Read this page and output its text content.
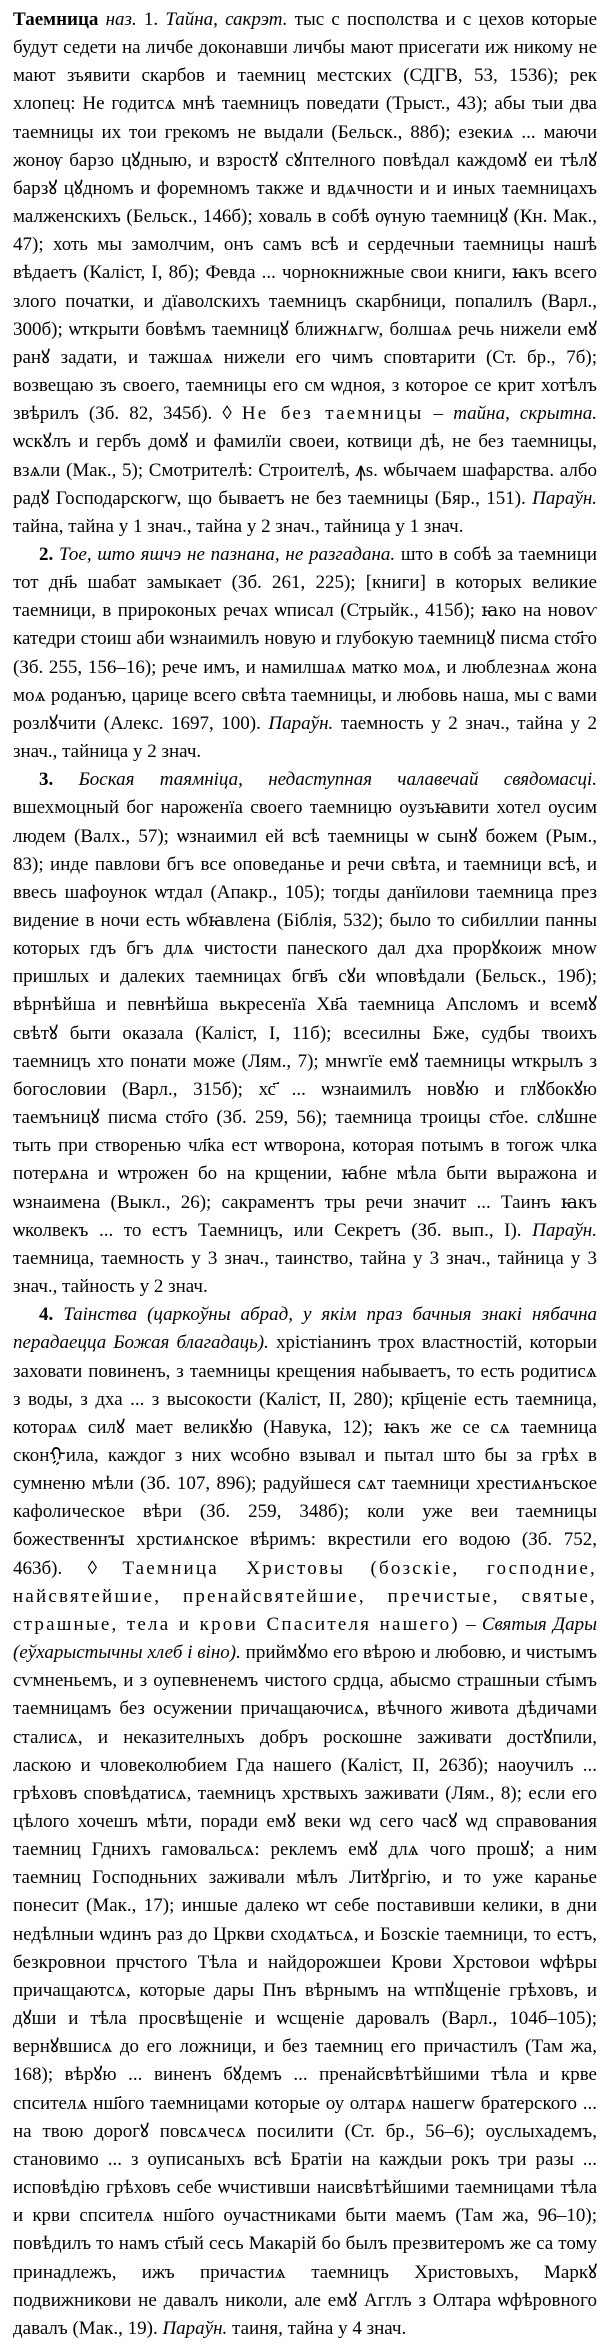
Таемница наз. 1. Тайна, сакрэт. тыс с посполства и с цехов которые будут седети на личбе доконавши личбы мают присегати иж никому не мают зъявити скарбов и таемниц местских (СДГВ, 53, 1536); рек хлопец: Не годитсѧ мнѣ таемницъ поведати (Трыст., 43); абы тыи два таемницы их тои грекомъ не выдали (Бельск., 88б); езекиѧ ... маючи жонѹ барзо цꙋдныю, и взростꙋ сꙋптелного повѣдал каждомꙋ еи тѣлꙋ барзꙋ цꙋдномъ и форемномъ также и вдѧчности и и иных таемницахъ малженскихъ (Бельск., 146б); ховаль в собѣ ѹную таемницꙋ (Кн. Мак., 47); хоть мы замолчим, онъ самъ всѣ и сердечныи таемницы нашѣ вѣдаетъ (Каліст, І, 8б); Февда ... чорнокнижные свои книги, ꙗкъ всего злого початки, и дїаволскихъ таемницъ скарбници, попалилъ (Варл., 300б); ѡткрыти бовѣмъ таемницꙋ ближнѧгw, болшаѧ речь нижели емꙋ ранꙋ задати, и тажшаѧ нижели его чимъ сповтарити (Ст. бр., 7б); возвещаю зъ своего, таемницы его см ѡдноя, з которое се крит хотѣлъ звѣрилъ (Зб. 82, 345б). ◊ Не без таемницы – тайна, скрытна. ѡскꙋлъ и гербъ домꙋ и фамилїи своеи, котвици дѣ, не без таемницы, взѧли (Мак., 5); Смотрителѣ: Строителѣ, ꙟѕ. ѡбычаем шафарства. албо радꙋ Господарскогw, що бываетъ не без таемницы (Бяр., 151). Параўн. тайна, тайна у 1 знач., тайна у 2 знач., тайница у 1 знач.

2. Тое, што яшчэ не пазнана, не разгадана. што в собѣ за таемници тот дн҃ь шабат замыкает (Зб. 261, 225); [книги] в которых великие таемници, в прироконых речах ѡписал (Стрыйк., 415б); ꙗко на новоѵ катедри стоиш аби ѡзнаимилъ новую и глубокую таемницꙋ писма сто҃го (Зб. 255, 156–16); рече имъ, и намилшаѧ матко моѧ, и люблезнаѧ жона моѧ роданъю, царице всего свѣта таемницы, и любовь наша, мы с вами розлꙋчити (Алекс. 1697, 100). Параўн. таемность у 2 знач., тайна у 2 знач., тайница у 2 знач.

3. Боская таямніца, недаступная чалавечай свядомасці. вшехмоцный бог нароженїа своего таемницю оузъꙗвити хотел оусим людем (Валх., 57); ѡзнаимил ей всѣ таемницы ѡ сынꙋ божем (Рым., 83); инде павлови бгъ все оповеданье и речи свѣта, и таемници всѣ, и ввесь шафоунок ѡтдал (Апакр., 105); тогды данїилови таемница през видение в ночи есть ѡбꙗвлена (Біблія, 532); было то сибиллии панны которых гдъ бгъ длѧ чистости панеского дал дха прорꙋкоиж мноw пришлых и далеких таемницах бгв҃ъ сꙋи ѡповѣдали (Бельск., 19б); вѣрнѣйша и певнѣйша вькресенїа Хв҃а таемница Апсломъ и всемꙋ свѣтꙋ быти оказала (Каліст, І, 11б); всесилны Бже, судбы твоихъ таемницъ хто понати може (Лям., 7); мнwгїе емꙋ таемницы ѡткрылъ з богословии (Варл., 315б); хс҃ ... ѡзнаимилъ новꙋю и глꙋбокꙋю таемъницꙋ писма сто҃го (Зб. 259, 56); таемница троицы ст҃ое. слꙋшне тыть при створенью чл҃ка ест ѡтворона, которая потымъ в тогож члка потерѧна и ѡтрожен бо на крщении, ꙗбне мѣла быти выражона и ѡзнаимена (Выкл., 26); сакраментъ тры речи значит ... Таинъ ꙗкъ ѡколвекъ ... то естъ Таемницъ, или Секретъ (Зб. вып., І). Параўн. таемница, таемность у 3 знач., таинство, тайна у 3 знач., тайница у 3 знач., тайность у 2 знач.

4. Таінства (царкоўны абрад, у якім праз бачныя знакі нябачна перадаецца Божая благадаць). хрістіанинъ трох властностій, которыи заховати повиненъ, з таемницы крещения набываетъ, то есть родитисѧ з воды, з дха ... з высокости (Каліст, ІІ, 280); кр҃щеніе есть таемница, котораѧ силꙋ мает великꙋю (Навука, 12); ꙗкъ же се сѧ таемница сконᠭила, каждог з них ѡсобно взывал и пытал што бы за грѣх в сумненю мѣли (Зб. 107, 896); радуйшеся сѧт таемници хрестиѧнъское кафолическое вѣри (Зб. 259, 348б); коли уже веи таемницы божественнꙑ хрстиѧнское вѣримъ: вкрестили его водою (Зб. 752, 463б). ◊ Таемница Христовы (бозскіе, господние, найсвятейшие, пренайсвятейшие, пречистые, святые, страшные, тела и крови Спасителя нашего) – Святыя Дары (еўхарыстычны хлеб і віно). приймꙋмо его вѣрою и любовю, и чистымъ сѵмненьемъ, и з оупевненемъ чистого срдца, абысмо страшныи ст҃ымъ таемницамъ без осужении причащаючисѧ, вѣчного живота дѣдичами сталисѧ, и неказителныхъ добръ роскошне заживати достꙋпили, ласкою и чловеколюбием Гда нашего (Каліст, ІІ, 263б); наоучилъ ... грѣховъ сповѣдатисѧ, таемницъ хрствыхъ заживати (Лям., 8); если его цѣлого хочешъ мѣти, поради емꙋ веки ѡд сего часꙋ ѡд справования таемниц Гдниxъ гамовальсѧ: реклемъ емꙋ длѧ чого прошꙋ; а ним таемниц Господньних заживали мѣлъ Литꙋргію, и то уже каранье понесит (Мак., 17); иншые далеко ѡт себе поставивши келики, в дни недѣлныи ѡдинъ раз до Цркви сходѧтьсѧ, и Бозскіе таемници, то естъ, безкровнои прчстого Тѣла и найдорожшеи Крови Хрстовои ѡфѣры причащаютсѧ, которые дары Пнъ вѣрнымъ на ѡтпꙋщеніе грѣховъ, и дꙋши и тѣла просвѣщеніе и ѡсщеніе даровалъ (Варл., 104б–105); вернꙋвшисѧ до его ложници, и без таемниц его причастилъ (Там жа, 168); вѣрꙋю ... виненъ бꙋдемъ ... пренайсвѣтѣйшими тѣла и крве спсителѧ нш҃ого таемницами которые оу олтарѧ нашегw братерского ... на твою дорогꙋ повсѧчесѧ посилити (Ст. бр., 56–6); оуслыхадемъ, становимо ... з оуписаныхъ всѣ Братіи на каждыи рокъ три разы ... исповѣдію грѣховъ себе ѡчистивши наисвѣтѣйшими таемницами тѣла и крви спсителѧ нш҃ого оучастниками быти маемъ (Там жа, 96–10); повѣдилъ то намъ ст҃ый сесь Макарій бо былъ презвитеромъ же са тому принадлежъ, ижъ причастиѧ таемницъ Христовыхъ, Маркꙋ подвижникови не давалъ николи, але емꙋ Агглъ з Олтара ѡфѣровного давалъ (Мак., 19). Параўн. таиня, тайна у 4 знач.
